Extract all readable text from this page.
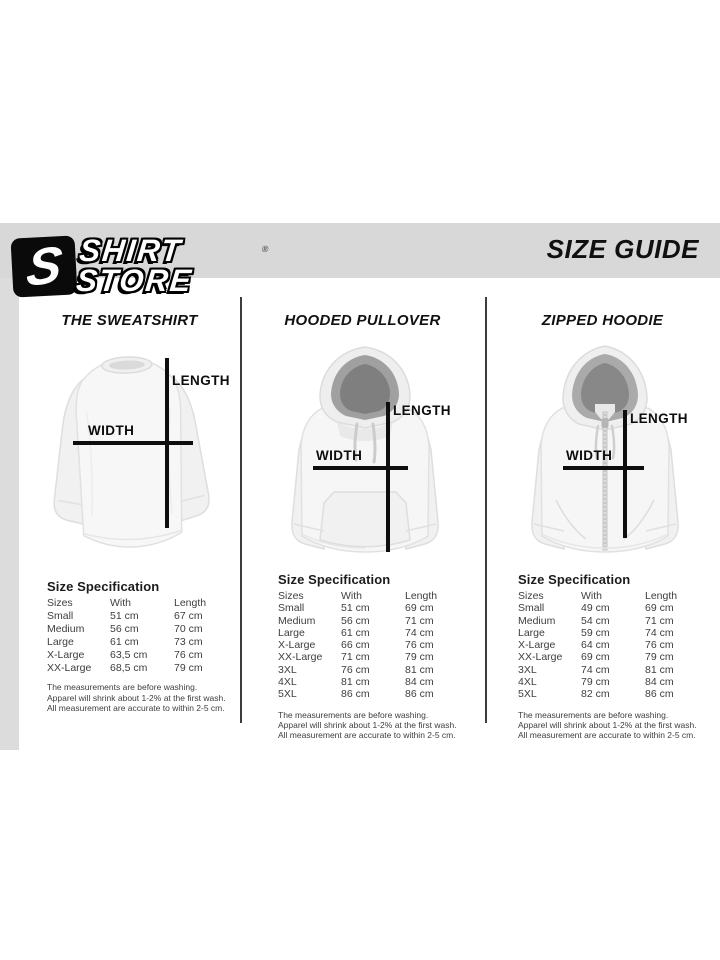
S SHIRT
STORE
®	SIZE GUIDE
THE SWEATSHIRT	HOODED PULLOVER	ZIPPED HOODIE
LENGTH
WIDTH
LENGTH
WIDTH
LENGTH
WIDTH
Size Specification
Sizes	With	Length
Small	51 cm	67 cm
Medium	56 cm	70 cm
Large	61 cm	73 cm
X-Large	63,5 cm	76 cm
XX-Large	68,5 cm	79 cm
The measurements are before washing.
Apparel will shrink about 1-2% at the first wash.
All measurement are accurate to within 2-5 cm.
Size Specification
Sizes	With	Length
Small	51 cm	69 cm
Medium	56 cm	71 cm
Large	61 cm	74 cm
X-Large	66 cm	76 cm
XX-Large	71 cm	79 cm
3XL	76 cm	81 cm
4XL	81 cm	84 cm
5XL	86 cm	86 cm
The measurements are before washing.
Apparel will shrink about 1-2% at the first wash.
All measurement are accurate to within 2-5 cm.
Size Specification
Sizes	With	Length
Small	49 cm	69 cm
Medium	54 cm	71 cm
Large	59 cm	74 cm
X-Large	64 cm	76 cm
XX-Large	69 cm	79 cm
3XL	74 cm	81 cm
4XL	79 cm	84 cm
5XL	82 cm	86 cm
The measurements are before washing.
Apparel will shrink about 1-2% at the first wash.
All measurement are accurate to within 2-5 cm.
